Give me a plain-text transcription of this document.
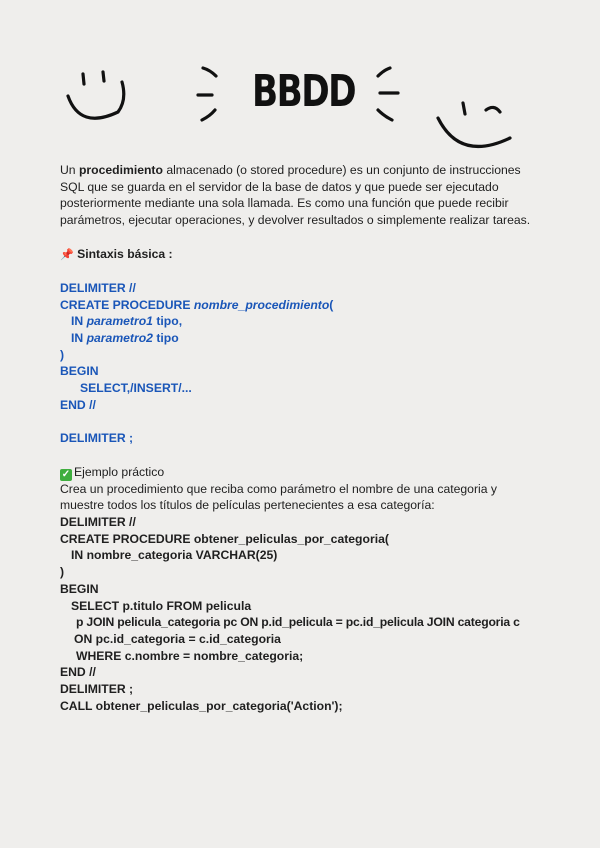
BBDD

Un procedimiento almacenado (o stored procedure) es un conjunto de instrucciones SQL que se guarda en el servidor de la base de datos y que puede ser ejecutado posteriormente mediante una sola llamada. Es como una función que puede recibir parámetros, ejecutar operaciones, y devolver resultados o simplemente realizar tareas.

📌 Sintaxis básica :

DELIMITER //

CREATE PROCEDURE nombre_procedimiento(

IN parametro1 tipo,

IN parametro2 tipo

)

BEGIN

SELECT,/INSERT/...

END //

DELIMITER ;

✓ Ejemplo práctico

Crea un procedimiento que reciba como parámetro el nombre de una categoria y muestre todos los títulos de películas pertenecientes a esa categoría:

DELIMITER //

CREATE PROCEDURE obtener_peliculas_por_categoria(

IN nombre_categoria VARCHAR(25)

)

BEGIN

SELECT p.titulo FROM pelicula

p JOIN pelicula_categoria pc ON p.id_pelicula = pc.id_pelicula JOIN categoria c

ON pc.id_categoria = c.id_categoria

WHERE c.nombre = nombre_categoria;

END //

DELIMITER ;

CALL obtener_peliculas_por_categoria('Action');
